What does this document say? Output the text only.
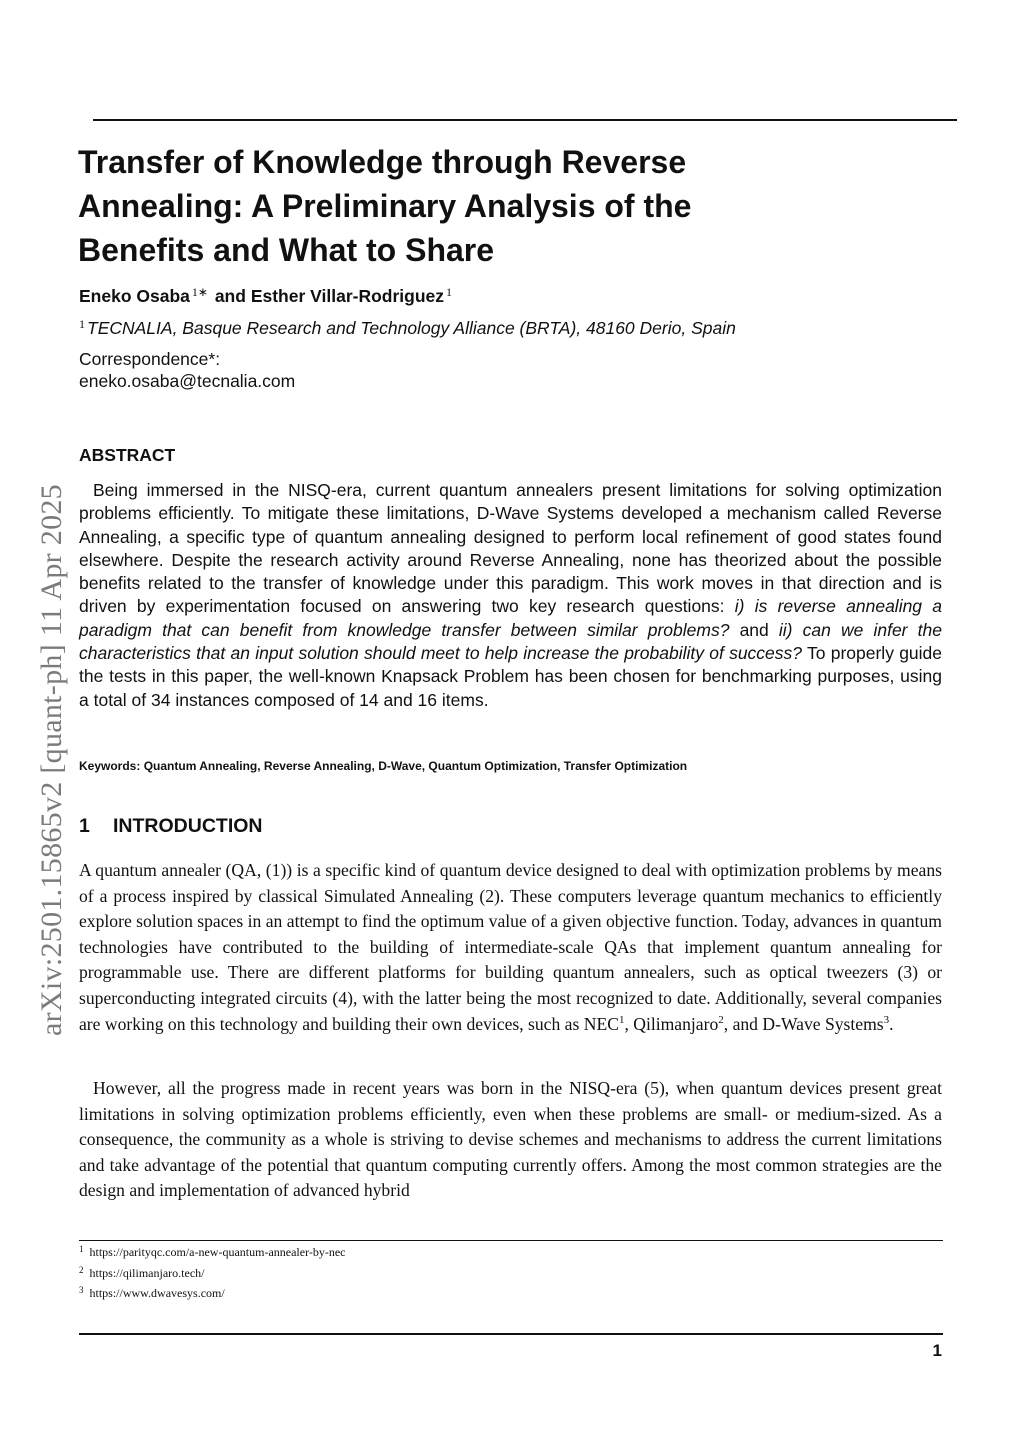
Transfer of Knowledge through Reverse Annealing: A Preliminary Analysis of the Benefits and What to Share
Eneko Osaba $^{1∗}$ and Esther Villar-Rodriguez $^1$
$^1$ TECNALIA, Basque Research and Technology Alliance (BRTA), 48160 Derio, Spain
Correspondence*:
eneko.osaba@tecnalia.com
arXiv:2501.15865v2 [quant-ph] 11 Apr 2025
ABSTRACT

Being immersed in the NISQ-era, current quantum annealers present limitations for solving optimization problems efficiently. To mitigate these limitations, D-Wave Systems developed a mechanism called Reverse Annealing, a specific type of quantum annealing designed to perform local refinement of good states found elsewhere. Despite the research activity around Reverse Annealing, none has theorized about the possible benefits related to the transfer of knowledge under this paradigm. This work moves in that direction and is driven by experimentation focused on answering two key research questions: i) is reverse annealing a paradigm that can benefit from knowledge transfer between similar problems? and ii) can we infer the characteristics that an input solution should meet to help increase the probability of success? To properly guide the tests in this paper, the well-known Knapsack Problem has been chosen for benchmarking purposes, using a total of 34 instances composed of 14 and 16 items.

Keywords: Quantum Annealing, Reverse Annealing, D-Wave, Quantum Optimization, Transfer Optimization
1 INTRODUCTION

A quantum annealer (QA, (1)) is a specific kind of quantum device designed to deal with optimization problems by means of a process inspired by classical Simulated Annealing (2). These computers leverage quantum mechanics to efficiently explore solution spaces in an attempt to find the optimum value of a given objective function. Today, advances in quantum technologies have contributed to the building of intermediate-scale QAs that implement quantum annealing for programmable use. There are different platforms for building quantum annealers, such as optical tweezers (3) or superconducting integrated circuits (4), with the latter being the most recognized to date. Additionally, several companies are working on this technology and building their own devices, such as NEC$^1$, Qilimanjaro$^2$, and D-Wave Systems$^3$.

However, all the progress made in recent years was born in the NISQ-era (5), when quantum devices present great limitations in solving optimization problems efficiently, even when these problems are small- or medium-sized. As a consequence, the community as a whole is striving to devise schemes and mechanisms to address the current limitations and take advantage of the potential that quantum computing currently offers. Among the most common strategies are the design and implementation of advanced hybrid

$^1$ https://parityqc.com/a-new-quantum-annealer-by-nec
$^2$ https://qilimanjaro.tech/
$^3$ https://www.dwavesys.com/
1
